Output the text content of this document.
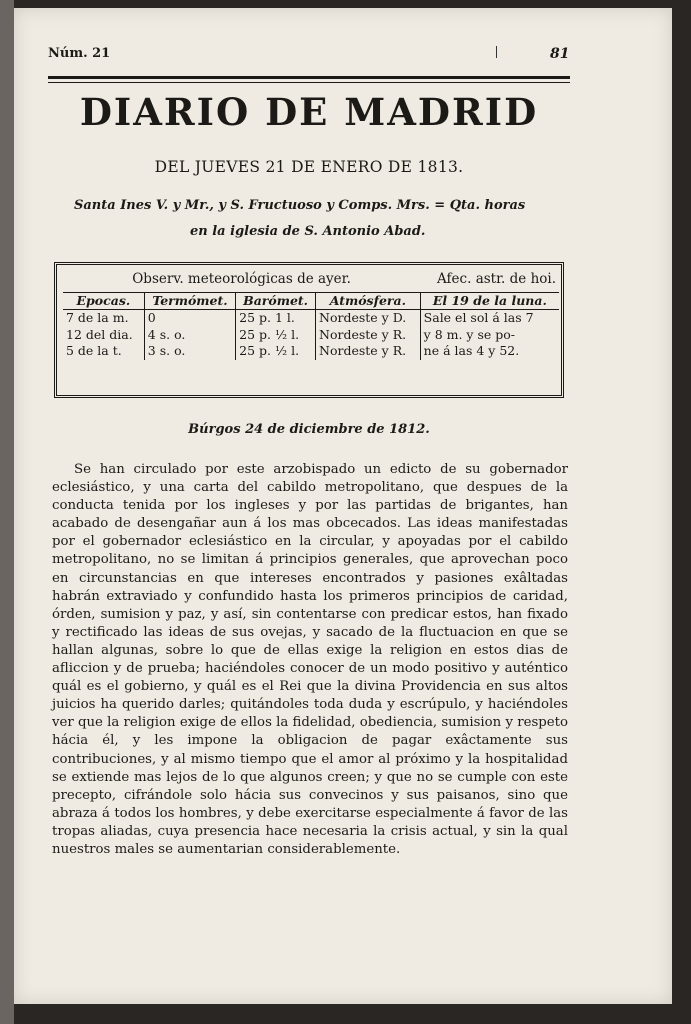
Núm. 21	81
DIARIO DE MADRID
DEL JUEVES 21 DE ENERO DE 1813.
Santa Ines V. y Mr., y S. Fructuoso y Comps. Mrs. = Qta. horas
en la iglesia de S. Antonio Abad.
Observ. meteorológicas de ayer.				Afec. astr. de hoi.
Epocas.	Termómet.	Barómet.	Atmósfera.	El 19 de la luna.
7 de la m.	0	25 p. 1 l.	Nordeste y D.	Sale el sol á las 7
12 del dia.	4 s. o.	25 p. ½ l.	Nordeste y R.	y 8 m. y se po-
5 de la t.	3 s. o.	25 p. ½ l.	Nordeste y R.	ne á las 4 y 52.
Búrgos 24 de diciembre de 1812.

Se han circulado por este arzobispado un edicto de su gobernador eclesiástico, y una carta del cabildo metropolitano, que despues de la conducta tenida por los ingleses y por las partidas de brigantes, han acabado de desengañar aun á los mas obcecados. Las ideas manifestadas por el gobernador eclesiástico en la circular, y apoyadas por el cabildo metropolitano, no se limitan á principios generales, que aprovechan poco en circunstancias en que intereses encontrados y pasiones exâltadas habrán extraviado y confundido hasta los primeros principios de caridad, órden, sumision y paz, y así, sin contentarse con predicar estos, han fixado y rectificado las ideas de sus ovejas, y sacado de la fluctuacion en que se hallan algunas, sobre lo que de ellas exige la religion en estos dias de afliccion y de prueba; haciéndoles conocer de un modo positivo y auténtico quál es el gobierno, y quál es el Rei que la divina Providencia en sus altos juicios ha querido darles; quitándoles toda duda y escrúpulo, y haciéndoles ver que la religion exige de ellos la fidelidad, obediencia, sumision y respeto hácia él, y les impone la obligacion de pagar exâctamente sus contribuciones, y al mismo tiempo que el amor al próximo y la hospitalidad se extiende mas lejos de lo que algunos creen; y que no se cumple con este precepto, cifrándole solo hácia sus convecinos y sus paisanos, sino que abraza á todos los hombres, y debe exercitarse especialmente á favor de las tropas aliadas, cuya presencia hace necesaria la crisis actual, y sin la qual nuestros males se aumentarian considerablemente.
